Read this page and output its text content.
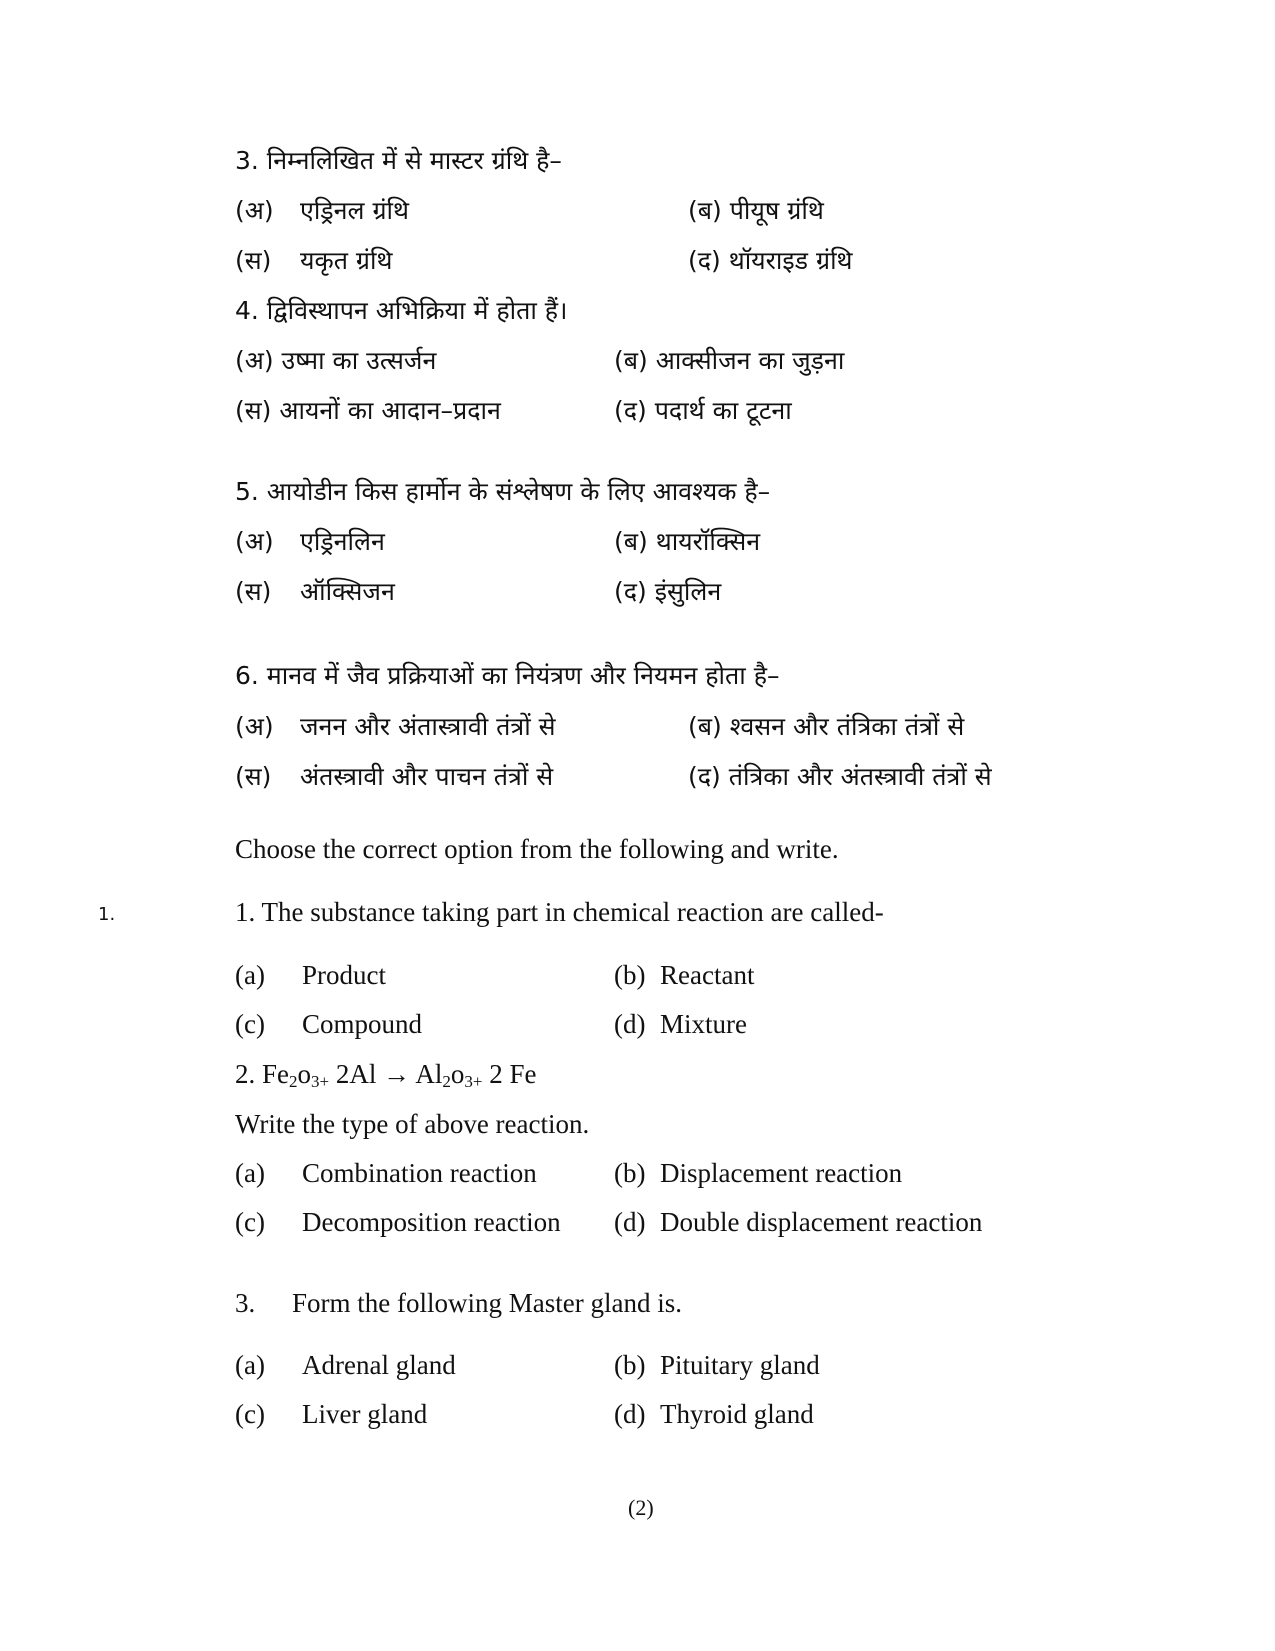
3. निम्नलिखित में से मास्टर ग्रंथि है–
(अ) एड्रिनल ग्रंथि	(ब) पीयूष ग्रंथि
(स) यकृत ग्रंथि	(द) थॉयराइड ग्रंथि
4. द्विविस्थापन अभिक्रिया में होता हैं।
(अ) उष्मा का उत्सर्जन	(ब) आक्सीजन का जुड़ना
(स) आयनों का आदान–प्रदान	(द) पदार्थ का टूटना
5. आयोडीन किस हार्मोन के संश्लेषण के लिए आवश्यक है–
(अ) एड्रिनलिन	(ब) थायरॉक्सिन
(स) ऑक्सिजन	(द) इंसुलिन
6. मानव में जैव प्रक्रियाओं का नियंत्रण और नियमन होता है–
(अ) जनन और अंतास्त्रावी तंत्रों से	(ब) श्वसन और तंत्रिका तंत्रों से
(स) अंतस्त्रावी और पाचन तंत्रों से	(द) तंत्रिका और अंतस्त्रावी तंत्रों से
Choose the correct option from the following and write.
1.	1. The substance taking part in chemical reaction are called-
(a) Product	(b) Reactant
(c) Compound	(d) Mixture
2. $Fe_2o_{3+}$ $2Al \to Al_2o_{3+}$ 2 Fe
Write the type of above reaction.
(a) Combination reaction	(b) Displacement reaction
(c) Decomposition reaction (d) Double displacement reaction
3. Form the following Master gland is.
(a) Adrenal gland	(b) Pituitary gland
(c) Liver gland	(d) Thyroid gland
(2)
